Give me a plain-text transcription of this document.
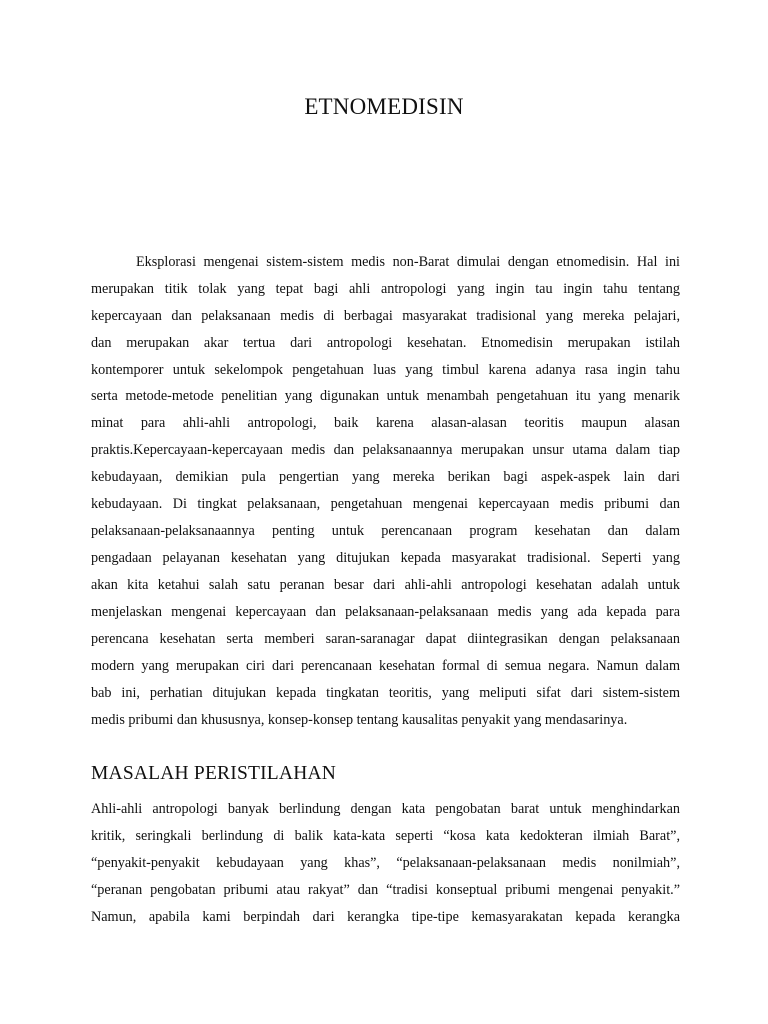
ETNOMEDISIN

Eksplorasi mengenai sistem-sistem medis non-Barat dimulai dengan etnomedisin. Hal ini

merupakan titik tolak yang tepat bagi ahli antropologi yang ingin tau ingin tahu tentang

kepercayaan dan pelaksanaan medis di berbagai masyarakat tradisional yang mereka pelajari,

dan merupakan akar tertua dari antropologi kesehatan. Etnomedisin merupakan istilah

kontemporer untuk sekelompok pengetahuan luas yang timbul karena adanya rasa ingin tahu

serta metode-metode penelitian yang digunakan untuk menambah pengetahuan itu yang menarik

minat para ahli-ahli antropologi, baik karena alasan-alasan teoritis maupun alasan

praktis.Kepercayaan-kepercayaan medis dan pelaksanaannya merupakan unsur utama dalam tiap

kebudayaan, demikian pula pengertian yang mereka berikan bagi aspek-aspek lain dari

kebudayaan. Di tingkat pelaksanaan, pengetahuan mengenai kepercayaan medis pribumi dan

pelaksanaan-pelaksanaannya penting untuk perencanaan program kesehatan dan dalam

pengadaan pelayanan kesehatan yang ditujukan kepada masyarakat tradisional. Seperti yang

akan kita ketahui salah satu peranan besar dari ahli-ahli antropologi kesehatan adalah untuk

menjelaskan mengenai kepercayaan dan pelaksanaan-pelaksanaan medis yang ada kepada para

perencana kesehatan serta memberi saran-saranagar dapat diintegrasikan dengan pelaksanaan

modern yang merupakan ciri dari perencanaan kesehatan formal di semua negara. Namun dalam

bab ini, perhatian ditujukan kepada tingkatan teoritis, yang meliputi sifat dari sistem-sistem

medis pribumi dan khususnya, konsep-konsep tentang kausalitas penyakit yang mendasarinya.

MASALAH PERISTILAHAN

Ahli-ahli antropologi banyak berlindung dengan kata pengobatan barat untuk menghindarkan

kritik, seringkali berlindung di balik kata-kata seperti “kosa kata kedokteran ilmiah Barat”,

“penyakit-penyakit kebudayaan yang khas”, “pelaksanaan-pelaksanaan medis nonilmiah”,

“peranan pengobatan pribumi atau rakyat” dan “tradisi konseptual pribumi mengenai penyakit.”

Namun, apabila kami berpindah dari kerangka tipe-tipe kemasyarakatan kepada kerangka
